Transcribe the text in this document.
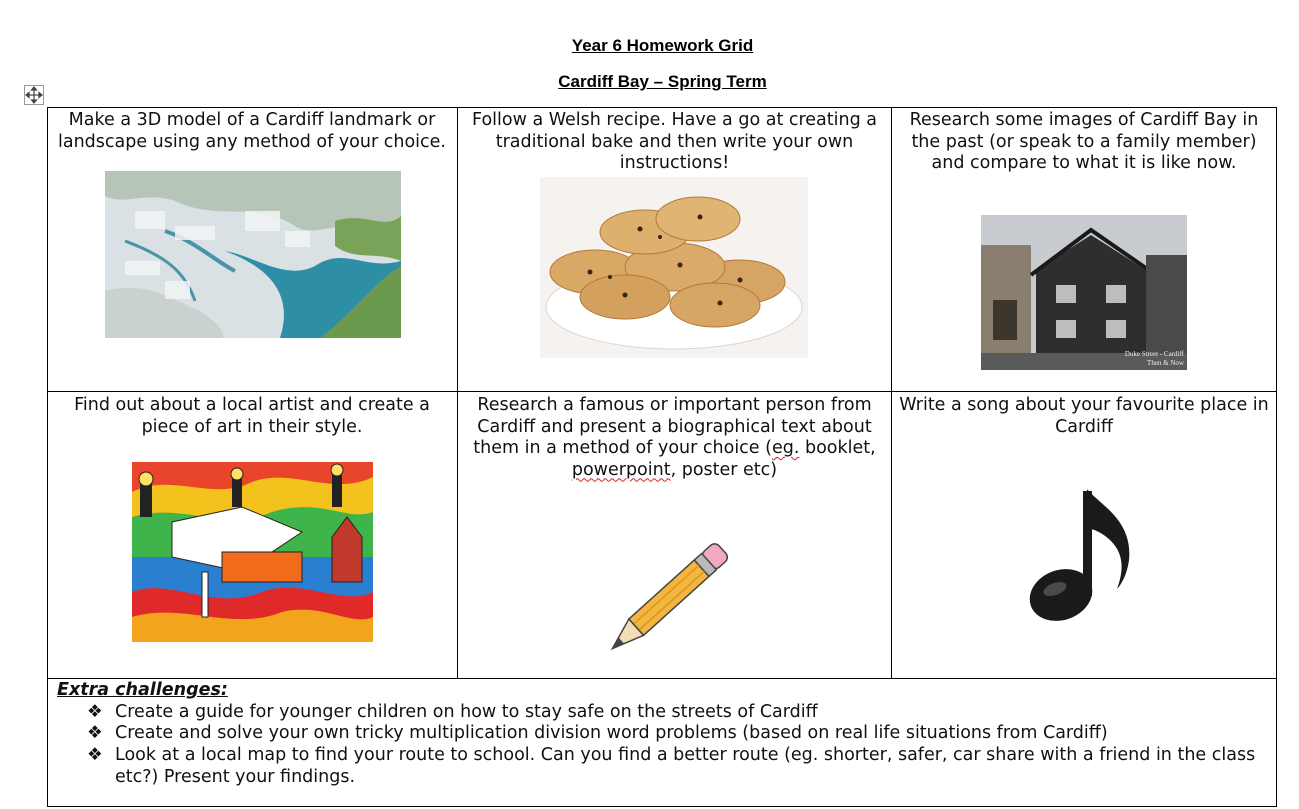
Year 6 Homework Grid
Cardiff Bay – Spring Term
Make a 3D model of a Cardiff landmark or landscape using any method of your choice.
Follow a Welsh recipe. Have a go at creating a traditional bake and then write your own instructions!
Research some images of Cardiff Bay in the past (or speak to a family member) and compare to what it is like now.
Duke Street - Cardiff
Then & Now
Find out about a local artist and create a piece of art in their style.
Research a famous or important person from
Cardiff and present a biographical text about
them in a method of your choice (eg. booklet,
powerpoint, poster etc)
Write a song about your favourite place in Cardiff
Extra challenges:
❖ Create a guide for younger children on how to stay safe on the streets of Cardiff
❖ Create and solve your own tricky multiplication division word problems (based on real life situations from Cardiff)
❖ Look at a local map to find your route to school. Can you find a better route (eg. shorter, safer, car share with a friend in the class etc?) Present your findings.
